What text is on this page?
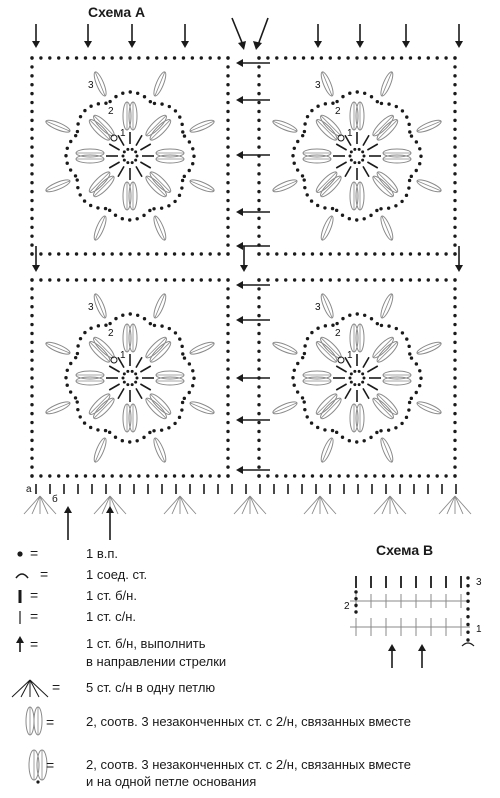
1
2
3
1
2
3
1
2
3
1
2
3
а
б
3
2
1
Схема А
Схема В
=	1 в.п.
=	1 соед. ст.
=	1 ст. б/н.
=	1 ст. с/н.
=	1 ст. б/н, выполнить
в направлении стрелки
= 5 ст. с/н в одну петлю
= 2, соотв. 3 незаконченных ст. с 2/н, связанных вместе
= 2, соотв. 3 незаконченных ст. с 2/н, связанных вместе
и на одной петле основания
